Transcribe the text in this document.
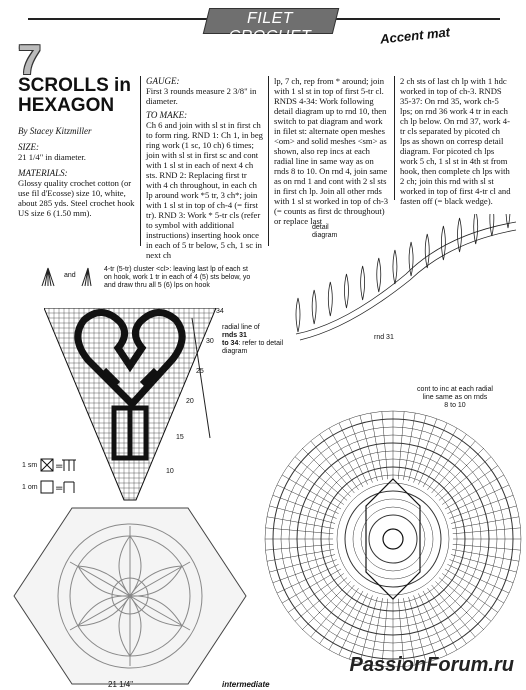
FILET CROCHET
7
Accent mat
SCROLLS in
HEXAGON
By Stacey Kitzmiller
SIZE:
21 1/4" in diameter.
MATERIALS:
Glossy quality crochet cotton (or use fil d'Ecosse) size 10, white, about 285 yds. Steel crochet hook US size 6 (1.50 mm).
GAUGE:
First 3 rounds measure 2 3/8" in diameter.
TO MAKE:
Ch 6 and join with sl st in first ch to form ring. RND 1: Ch 1, in beg ring work (1 sc, 10 ch) 6 times; join with sl st in first sc and cont with 1 sl st in each of next 4 ch sts. RND 2: Replacing first tr with 4 ch throughout, in each ch lp around work *5 tr, 3 ch*; join with 1 sl st in top of ch-4 (= first tr). RND 3: Work * 5-tr cls (refer to symbol with additional instructions) inserting hook once in each of 5 tr below, 5 ch, 1 sc in next ch
lp, 7 ch, rep from * around; join with 1 sl st in top of first 5-tr cl. RNDS 4-34: Work following detail diagram up to rnd 10, then switch to pat diagram and work in filet st: alternate open meshes <om> and solid meshes <sm> as shown, also rep incs at each radial line in same way as on rnds 8 to 10. On rnd 4, join same as on rnd 1 and cont with 2 sl sts in first ch lp. Join all other rnds with 1 sl st worked in top of ch-3 (= counts as first dc throughout) or replace last
2 ch sts of last ch lp with 1 hdc worked in top of ch-3. RNDS 35-37: On rnd 35, work ch-5 lps; on rnd 36 work 4 tr in each ch lp below. On rnd 37, work 4-tr cls separated by picoted ch lps as shown on corresp detail diagram. For picoted ch lps work 5 ch, 1 sl st in 4th st from hook, then complete ch lps with 2 ch; join this rnd with sl st worked in top of first 4-tr cl and fasten off (= black wedge).
and
4-tr (5-tr) cluster <cl>: leaving last lp of each st on hook, work 1 tr in each of 4 (5) sts below, yo and draw thru all 5 (6) lps on hook
34
30
25
20
15
10
radial line of
rnds 31
to 34: refer to detail diagram
1 sm =
1 om =
detail diagram
rnd 31
cont to inc at each radial
line same as on rnds
8 to 10
21 1/4"	intermediate
PassionForum.ru
